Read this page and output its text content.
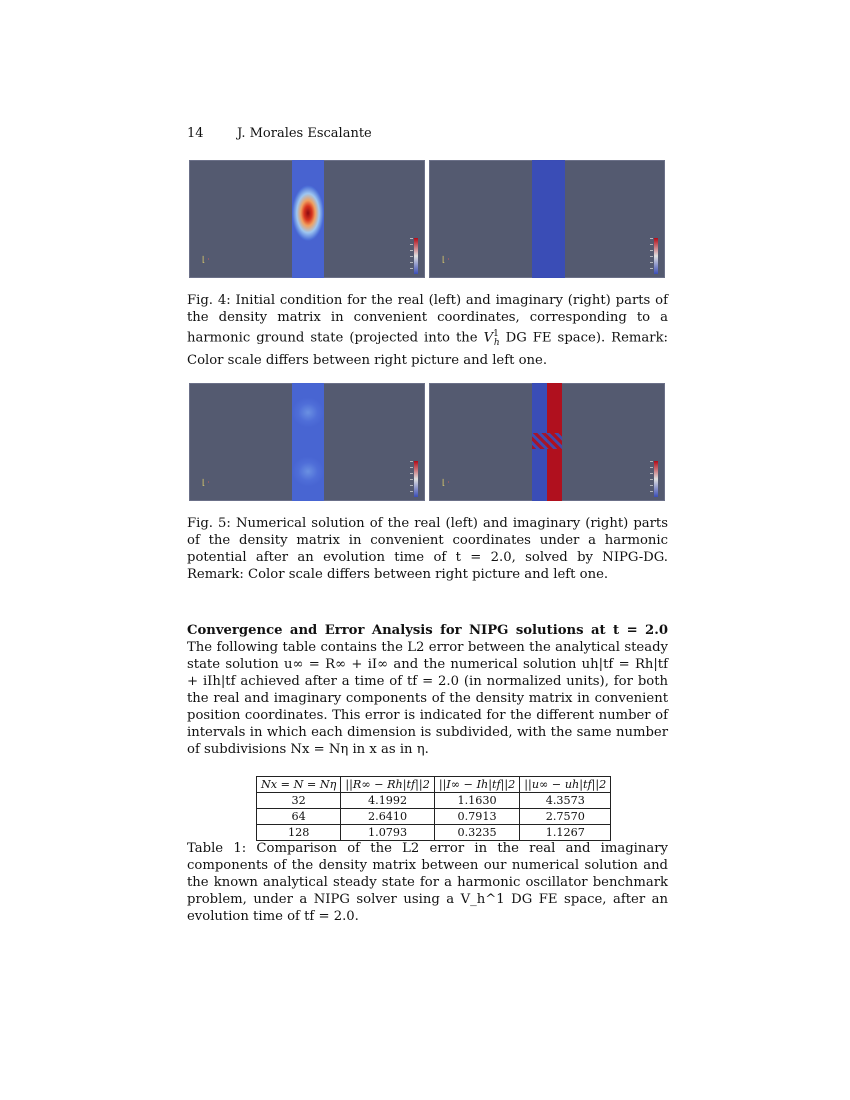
14	J. Morales Escalante
⌊ ·	⌊ ·
Fig. 4: Initial condition for the real (left) and imaginary (right) parts of the density matrix in convenient coordinates, corresponding to a harmonic ground state (projected into the $V^1_h$ DG FE space). Remark: Color scale differs between right picture and left one.
⌊ ·	⌊ ·
Fig. 5: Numerical solution of the real (left) and imaginary (right) parts of the density matrix in convenient coordinates under a harmonic potential after an evolution time of t = 2.0, solved by NIPG-DG. Remark: Color scale differs between right picture and left one.
Convergence and Error Analysis for NIPG solutions at t = 2.0 The following table contains the L2 error between the analytical steady state solution u∞ = R∞ + iI∞ and the numerical solution uh|tf = Rh|tf + iIh|tf achieved after a time of tf = 2.0 (in normalized units), for both the real and imaginary components of the density matrix in convenient position coordinates. This error is indicated for the different number of intervals in which each dimension is subdivided, with the same number of subdivisions Nx = Nη in x as in η.
Nx = N = Nη	||R∞ − Rh|tf||2	||I∞ − Ih|tf||2	||u∞ − uh|tf||2
32	4.1992	1.1630	4.3573
64	2.6410	0.7913	2.7570
128	1.0793	0.3235	1.1267
Table 1: Comparison of the L2 error in the real and imaginary components of the density matrix between our numerical solution and the known analytical steady state for a harmonic oscillator benchmark problem, under a NIPG solver using a V_h^1 DG FE space, after an evolution time of tf = 2.0.
